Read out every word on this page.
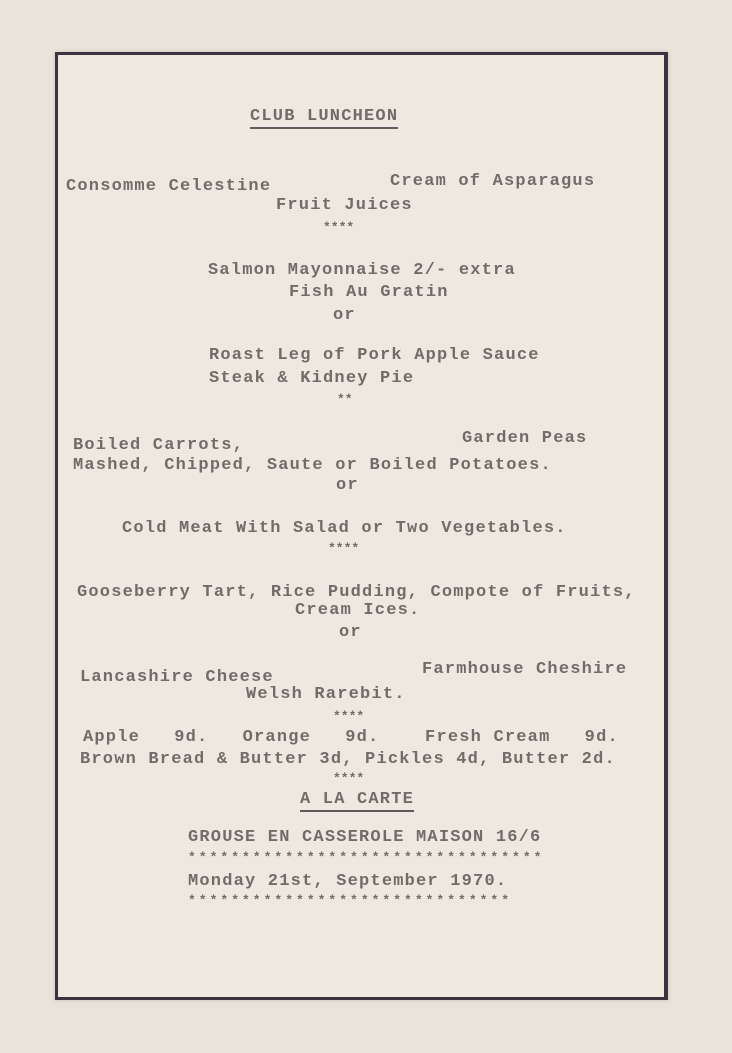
CLUB LUNCHEON
Consomme Celestine	Cream of Asparagus
Fruit Juices
****
Salmon Mayonnaise 2/- extra
Fish Au Gratin
or
Roast Leg of Pork Apple Sauce
Steak & Kidney Pie
**
Boiled Carrots,	Garden Peas
Mashed, Chipped, Saute or Boiled Potatoes.
or
Cold Meat With Salad or Two Vegetables.
****
Gooseberry Tart, Rice Pudding, Compote of Fruits,
Cream Ices.
or
Lancashire Cheese	Farmhouse Cheshire
Welsh Rarebit.
****
Apple   9d.   Orange   9d.    Fresh Cream   9d.
Brown Bread & Butter 3d, Pickles 4d, Butter 2d.
****
A LA CARTE
GROUSE EN CASSEROLE MAISON 16/6
*********************************
Monday 21st, September 1970.
******************************
